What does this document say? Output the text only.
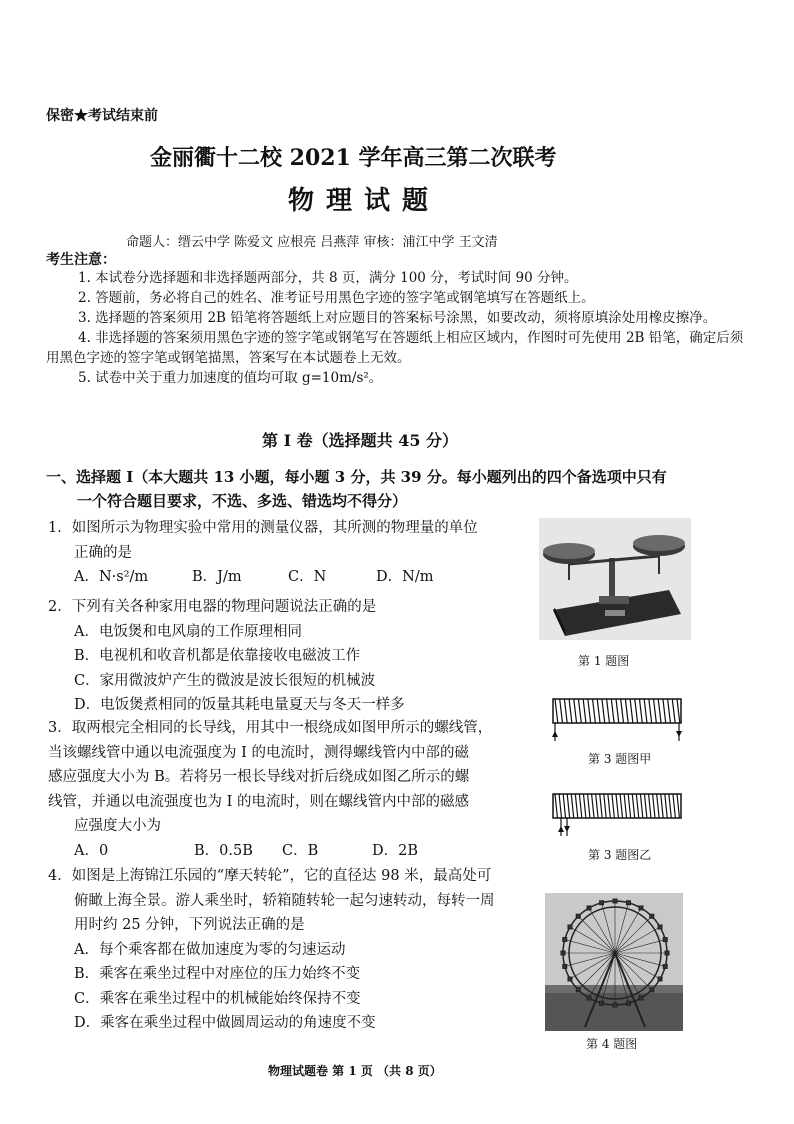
保密★考试结束前
金丽衢十二校 2021 学年高三第二次联考
物理试题
命题人：缙云中学 陈爱文 应根亮 吕燕萍 审核：浦江中学 王文清
考生注意：

1. 本试卷分选择题和非选择题两部分，共 8 页，满分 100 分，考试时间 90 分钟。

2. 答题前，务必将自己的姓名、准考证号用黑色字迹的签字笔或钢笔填写在答题纸上。

3. 选择题的答案须用 2B 铅笔将答题纸上对应题目的答案标号涂黑，如要改动，须将原填涂处用橡皮擦净。

4. 非选择题的答案须用黑色字迹的签字笔或钢笔写在答题纸上相应区域内，作图时可先使用 2B 铅笔，确定后须用黑色字迹的签字笔或钢笔描黑，答案写在本试题卷上无效。

5. 试卷中关于重力加速度的值均可取 g=10m/s²。

第 I 卷（选择题共 45 分）
一、选择题 I（本大题共 13 小题，每小题 3 分，共 39 分。每小题列出的四个备选项中只有
一个符合题目要求，不选、多选、错选均不得分）
1．如图所示为物理实验中常用的测量仪器，其所测的物理量的单位
正确的是
A．N·s²/m	B．J/m	C．N	D．N/m
第 1 题图
2．下列有关各种家用电器的物理问题说法正确的是
A．电饭煲和电风扇的工作原理相同
B．电视机和收音机都是依靠接收电磁波工作
C．家用微波炉产生的微波是波长很短的机械波
D．电饭煲煮相同的饭量其耗电量夏天与冬天一样多
3．取两根完全相同的长导线，用其中一根绕成如图甲所示的螺线管，
当该螺线管中通以电流强度为 I 的电流时，测得螺线管内中部的磁
感应强度大小为 B。若将另一根长导线对折后绕成如图乙所示的螺
线管，并通以电流强度也为 I 的电流时，则在螺线管内中部的磁感
应强度大小为
A．0	B．0.5B	C．B	D．2B
第 3 题图甲
第 3 题图乙
4．如图是上海锦江乐园的“摩天转轮”，它的直径达 98 米，最高处可
俯瞰上海全景。游人乘坐时，轿箱随转轮一起匀速转动，每转一周
用时约 25 分钟，下列说法正确的是
A．每个乘客都在做加速度为零的匀速运动
B．乘客在乘坐过程中对座位的压力始终不变
C．乘客在乘坐过程中的机械能始终保持不变
D．乘客在乘坐过程中做圆周运动的角速度不变
第 4 题图
物理试题卷 第 1 页 （共 8 页）
